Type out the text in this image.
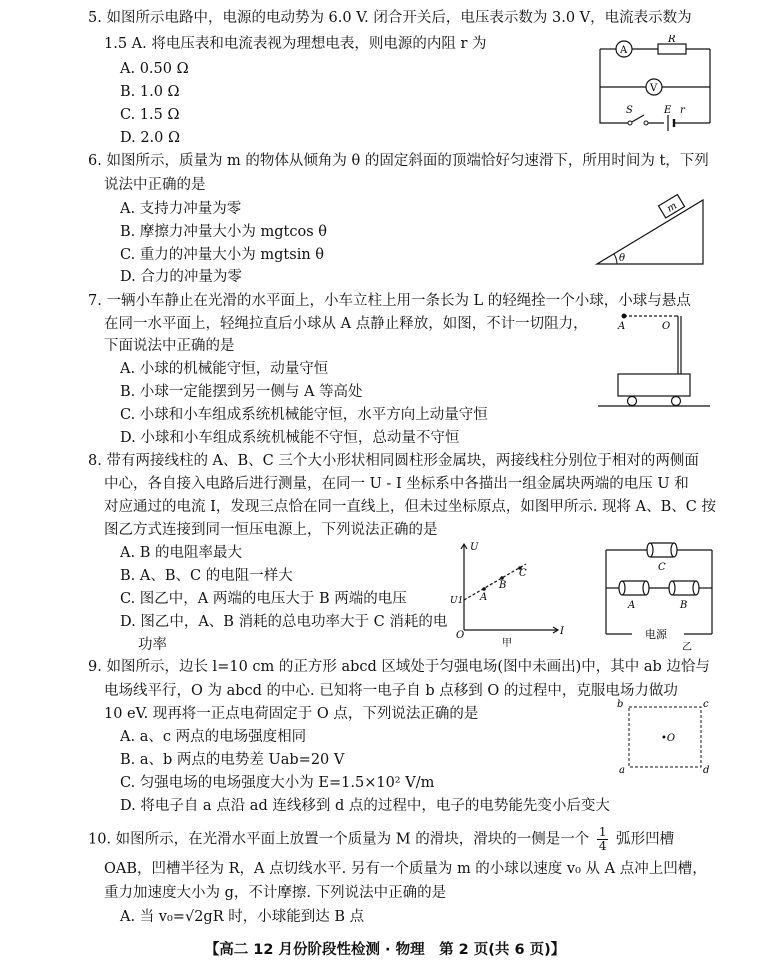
5. 如图所示电路中，电源的电动势为 6.0 V. 闭合开关后，电压表示数为 3.0 V，电流表示数为
1.5 A. 将电压表和电流表视为理想电表，则电源的内阻 r 为
A. 0.50 Ω
B. 1.0 Ω
C. 1.5 Ω
D. 2.0 Ω
A
R
V
S	E r
6. 如图所示，质量为 m 的物体从倾角为 θ 的固定斜面的顶端恰好匀速滑下，所用时间为 t，下列
说法中正确的是
A. 支持力冲量为零
B. 摩擦力冲量大小为 mgtcos θ
C. 重力的冲量大小为 mgtsin θ
D. 合力的冲量为零
m
θ
7. 一辆小车静止在光滑的水平面上，小车立柱上用一条长为 L 的轻绳拴一个小球，小球与悬点
在同一水平面上，轻绳拉直后小球从 A 点静止释放，如图，不计一切阻力，
下面说法中正确的是
A. 小球的机械能守恒，动量守恒
B. 小球一定能摆到另一侧与 A 等高处
C. 小球和小车组成系统机械能守恒，水平方向上动量守恒
D. 小球和小车组成系统机械能不守恒，总动量不守恒
A	O
8. 带有两接线柱的 A、B、C 三个大小形状相同圆柱形金属块，两接线柱分别位于相对的两侧面
中心，各自接入电路后进行测量，在同一 U - I 坐标系中各描出一组金属块两端的电压 U 和
对应通过的电流 I，发现三点恰在同一直线上，但未过坐标原点，如图甲所示. 现将 A、B、C 按
图乙方式连接到同一恒压电源上，下列说法正确的是
A. B 的电阻率最大
B. A、B、C 的电阻一样大
C. 图乙中，A 两端的电压大于 B 两端的电压
D. 图乙中，A、B 消耗的总电功率大于 C 消耗的电
功率
U
I
O
U1 A
B
C
甲
C
A	B
电源
乙
9. 如图所示，边长 l=10 cm 的正方形 abcd 区域处于匀强电场(图中未画出)中，其中 ab 边恰与
电场线平行，O 为 abcd 的中心. 已知将一电子自 b 点移到 O 的过程中，克服电场力做功
10 eV. 现再将一正点电荷固定于 O 点，下列说法正确的是
A. a、c 两点的电场强度相同
B. a、b 两点的电势差 Uab=20 V
C. 匀强电场的电场强度大小为 E=1.5×10² V/m
D. 将电子自 a 点沿 ad 连线移到 d 点的过程中，电子的电势能先变小后变大
b	c
a	d
•O
10. 如图所示，在光滑水平面上放置一个质量为 M 的滑块，滑块的一侧是一个 $\frac{1}{4}$ 弧形凹槽
OAB，凹槽半径为 R，A 点切线水平. 另有一个质量为 m 的小球以速度 v₀ 从 A 点冲上凹槽，
重力加速度大小为 g，不计摩擦. 下列说法中正确的是
A. 当 v₀=√2gR 时，小球能到达 B 点
【高二 12 月份阶段性检测 · 物理　第 2 页(共 6 页)】
